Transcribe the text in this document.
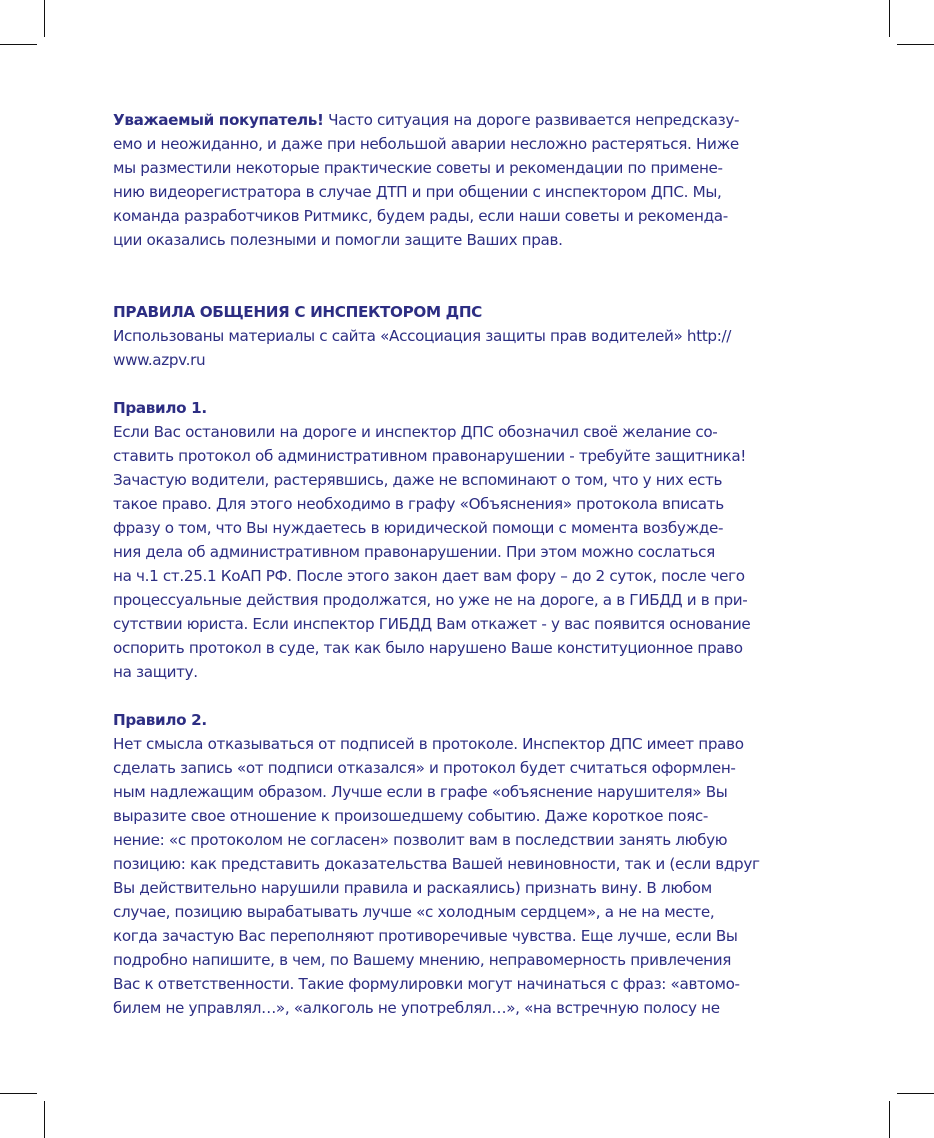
Уважаемый покупатель! Часто ситуация на дороге развивается непредсказу-
емо и неожиданно, и даже при небольшой аварии несложно растеряться. Ниже
мы разместили некоторые практические советы и рекомендации по примене-
нию видеорегистратора в случае ДТП и при общении с инспектором ДПС. Мы,
команда разработчиков Ритмикс, будем рады, если наши советы и рекоменда-
ции оказались полезными и помогли защите Ваших прав.

ПРАВИЛА ОБЩЕНИЯ С ИНСПЕКТОРОМ ДПС
Использованы материалы с сайта «Ассоциация защиты прав водителей» http://
www.azpv.ru

Правило 1.
Если Вас остановили на дороге и инспектор ДПС обозначил своё желание со-
ставить протокол об административном правонарушении - требуйте защитника!
Зачастую водители, растерявшись, даже не вспоминают о том, что у них есть
такое право. Для этого необходимо в графу «Объяснения» протокола вписать
фразу о том, что Вы нуждаетесь в юридической помощи с момента возбужде-
ния дела об административном правонарушении. При этом можно сослаться
на ч.1 ст.25.1 КоАП РФ. После этого закон дает вам фору – до 2 суток, после чего
процессуальные действия продолжатся, но уже не на дороге, а в ГИБДД и в при-
сутствии юриста. Если инспектор ГИБДД Вам откажет - у вас появится основание
оспорить протокол в суде, так как было нарушено Ваше конституционное право
на защиту.

Правило 2.
Нет смысла отказываться от подписей в протоколе. Инспектор ДПС имеет право
сделать запись «от подписи отказался» и протокол будет считаться оформлен-
ным надлежащим образом. Лучше если в графе «объяснение нарушителя» Вы
выразите свое отношение к произошедшему событию. Даже короткое пояс-
нение: «с протоколом не согласен» позволит вам в последствии занять любую
позицию: как представить доказательства Вашей невиновности, так и (если вдруг
Вы действительно нарушили правила и раскаялись) признать вину. В любом
случае, позицию вырабатывать лучше «с холодным сердцем», а не на месте,
когда зачастую Вас переполняют противоречивые чувства. Еще лучше, если Вы
подробно напишите, в чем, по Вашему мнению, неправомерность привлечения
Вас к ответственности. Такие формулировки могут начинаться с фраз: «автомо-
билем не управлял…», «алкоголь не употреблял…», «на встречную полосу не
